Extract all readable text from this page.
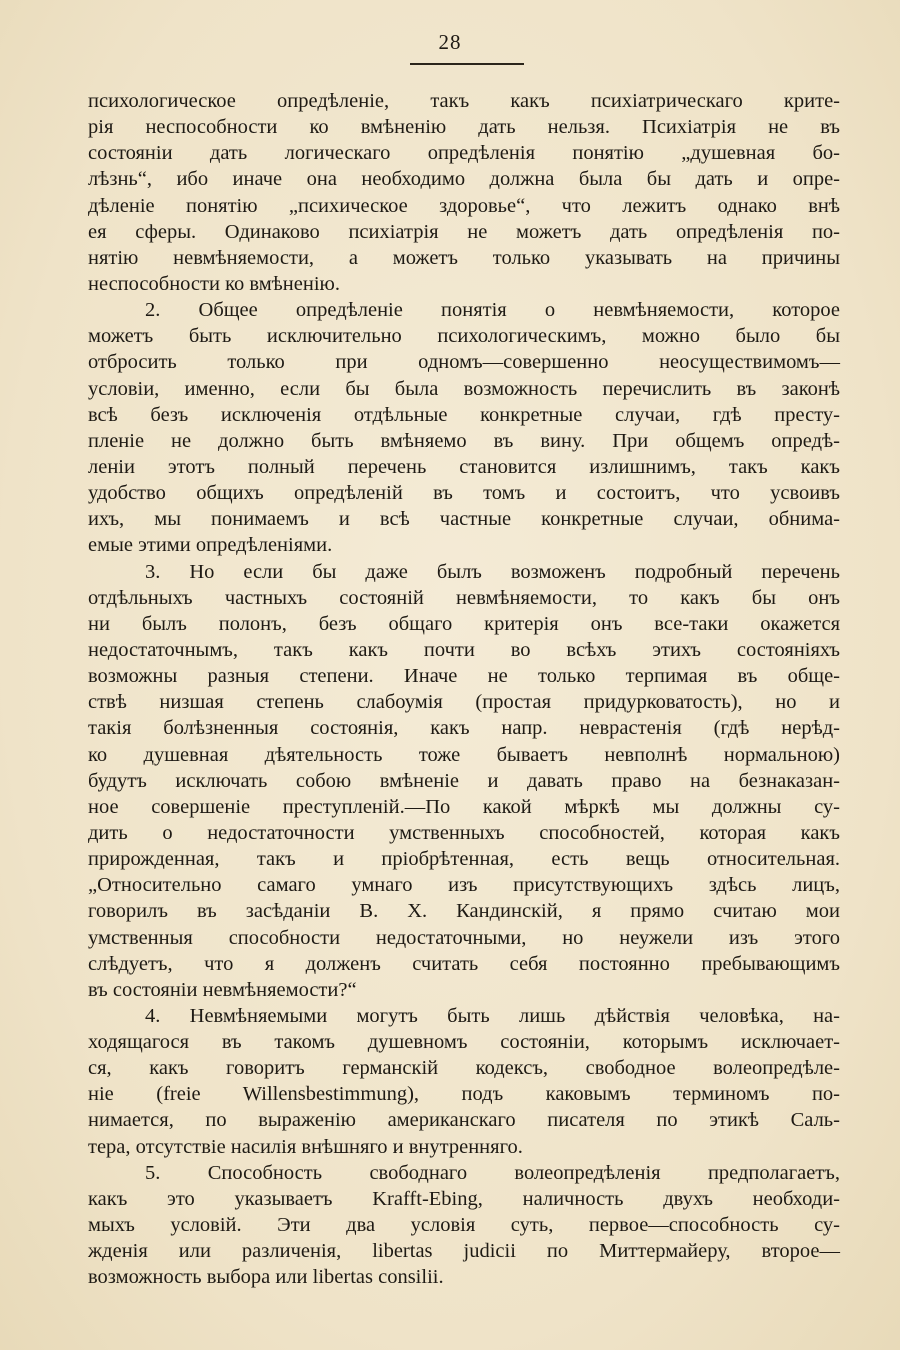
28
психологическое опредѣленіе, такъ какъ психіатрическаго крите-
рія неспособности ко вмѣненію дать нельзя. Психіатрія не въ
состояніи дать логическаго опредѣленія понятію „душевная бо-
лѣзнь“, ибо иначе она необходимо должна была бы дать и опре-
дѣленіе понятію „психическое здоровье“, что лежитъ однако внѣ
ея сферы. Одинаково психіатрія не можетъ дать опредѣленія по-
нятію невмѣняемости, а можетъ только указывать на причины
неспособности ко вмѣненію.
2. Общее опредѣленіе понятія о невмѣняемости, которое
можетъ быть исключительно психологическимъ, можно было бы
отбросить только при одномъ—совершенно неосуществимомъ—
условіи, именно, если бы была возможность перечислить въ законѣ
всѣ безъ исключенія отдѣльные конкретные случаи, гдѣ престу-
пленіе не должно быть вмѣняемо въ вину. При общемъ опредѣ-
леніи этотъ полный перечень становится излишнимъ, такъ какъ
удобство общихъ опредѣленій въ томъ и состоитъ, что усвоивъ
ихъ, мы понимаемъ и всѣ частные конкретные случаи, обнима-
емые этими опредѣленіями.
3. Но если бы даже былъ возможенъ подробный перечень
отдѣльныхъ частныхъ состояній невмѣняемости, то какъ бы онъ
ни былъ полонъ, безъ общаго критерія онъ все-таки окажется
недостаточнымъ, такъ какъ почти во всѣхъ этихъ состояніяхъ
возможны разныя степени. Иначе не только терпимая въ обще-
ствѣ низшая степень слабоумія (простая придурковатость), но и
такія болѣзненныя состоянія, какъ напр. неврастенія (гдѣ нерѣд-
ко душевная дѣятельность тоже бываетъ невполнѣ нормальною)
будутъ исключать собою вмѣненіе и давать право на безнаказан-
ное совершеніе преступленій.—По какой мѣркѣ мы должны су-
дить о недостаточности умственныхъ способностей, которая какъ
прирожденная, такъ и пріобрѣтенная, есть вещь относительная.
„Относительно самаго умнаго изъ присутствующихъ здѣсь лицъ,
говорилъ въ засѣданіи В. Х. Кандинскій, я прямо считаю мои
умственныя способности недостаточными, но неужели изъ этого
слѣдуетъ, что я долженъ считать себя постоянно пребывающимъ
въ состояніи невмѣняемости?“
4. Невмѣняемыми могутъ быть лишь дѣйствія человѣка, на-
ходящагося въ такомъ душевномъ состояніи, которымъ исключает-
ся, какъ говоритъ германскій кодексъ, свободное волеопредѣле-
ніе (freie Willensbestimmung), подъ каковымъ терминомъ по-
нимается, по выраженію американскаго писателя по этикѣ Саль-
тера, отсутствіе насилія внѣшняго и внутренняго.
5. Способность свободнаго волеопредѣленія предполагаетъ,
какъ это указываетъ Krafft-Ebing, наличность двухъ необходи-
мыхъ условій. Эти два условія суть, первое—способность су-
жденія или различенія, libertas judicii по Миттермайеру, второе—
возможность выбора или libertas consilii.
